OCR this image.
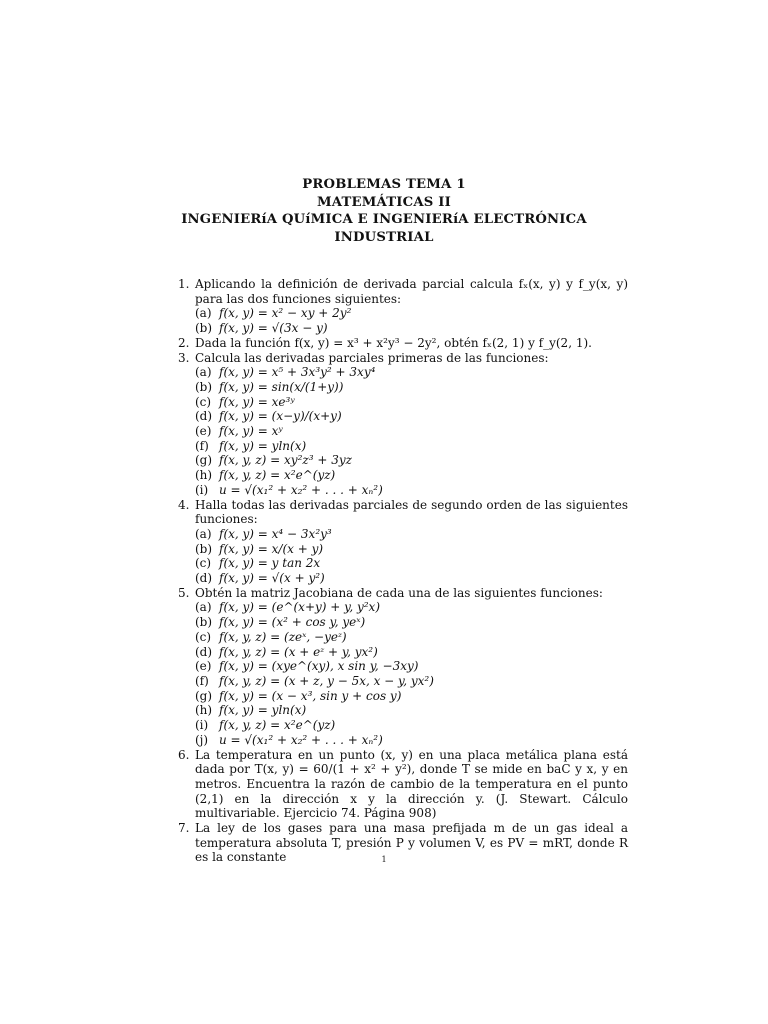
PROBLEMAS TEMA 1
MATEMÁTICAS II
INGENIERíA QUíMICA E INGENIERíA ELECTRÓNICA
INDUSTRIAL
1. Aplicando la definición de derivada parcial calcula fₓ(x, y) y f_y(x, y) para las dos funciones siguientes:
(a) f(x, y) = x² − xy + 2y²
(b) f(x, y) = √(3x − y)
2. Dada la función f(x, y) = x³ + x²y³ − 2y², obtén fₓ(2, 1) y f_y(2, 1).
3. Calcula las derivadas parciales primeras de las funciones:
(a) f(x, y) = x⁵ + 3x³y² + 3xy⁴
(b) f(x, y) = sin(x/(1+y))
(c) f(x, y) = xe³ʸ
(d) f(x, y) = (x−y)/(x+y)
(e) f(x, y) = xʸ
(f) f(x, y) = yln(x)
(g) f(x, y, z) = xy²z³ + 3yz
(h) f(x, y, z) = x²e^(yz)
(i) u = √(x₁² + x₂² + . . . + xₙ²)
4. Halla todas las derivadas parciales de segundo orden de las siguientes funciones:
(a) f(x, y) = x⁴ − 3x²y³
(b) f(x, y) = x/(x + y)
(c) f(x, y) = y tan 2x
(d) f(x, y) = √(x + y²)
5. Obtén la matriz Jacobiana de cada una de las siguientes funciones:
(a) f(x, y) = (e^(x+y) + y, y²x)
(b) f(x, y) = (x² + cos y, yeˣ)
(c) f(x, y, z) = (zeˣ, −yeᶻ)
(d) f(x, y, z) = (x + eᶻ + y, yx²)
(e) f(x, y) = (xye^(xy), x sin y, −3xy)
(f) f(x, y, z) = (x + z, y − 5x, x − y, yx²)
(g) f(x, y) = (x − x³, sin y + cos y)
(h) f(x, y) = yln(x)
(i) f(x, y, z) = x²e^(yz)
(j) u = √(x₁² + x₂² + . . . + xₙ²)
6. La temperatura en un punto (x, y) en una placa metálica plana está dada por T(x, y) = 60/(1 + x² + y²), donde T se mide en baC y x, y en metros. Encuentra la razón de cambio de la temperatura en el punto (2,1) en la dirección x y la dirección y. (J. Stewart. Cálculo multivariable. Ejercicio 74. Página 908)
7. La ley de los gases para una masa prefijada m de un gas ideal a temperatura absoluta T, presión P y volumen V, es PV = mRT, donde R es la constante	1
